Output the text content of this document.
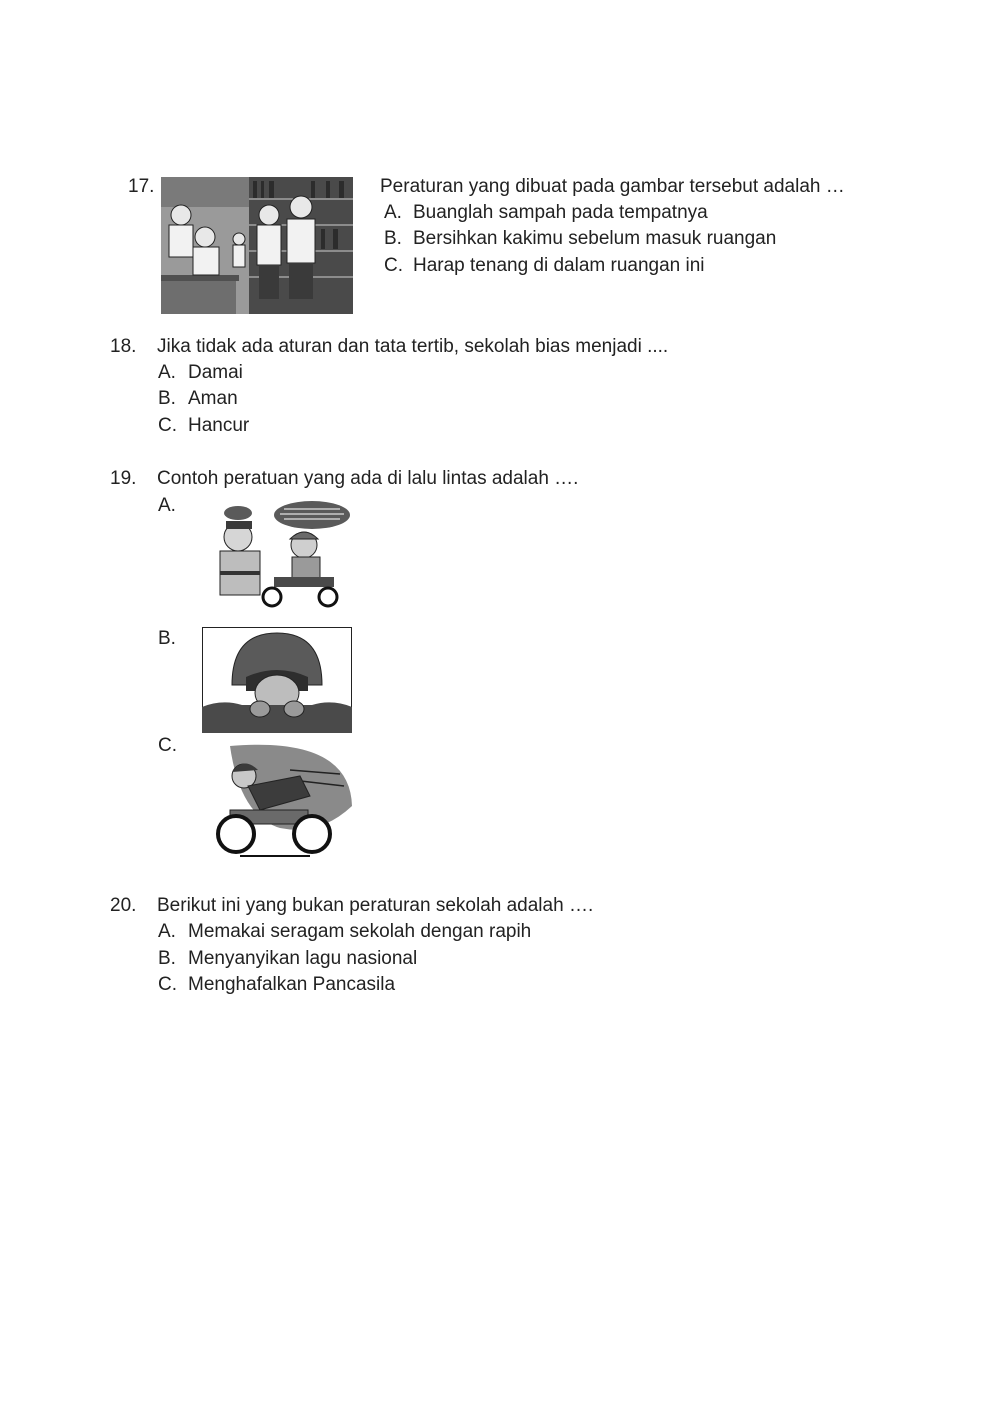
17.	Peraturan yang dibuat pada gambar tersebut adalah …
A. Buanglah sampah pada tempatnya
B. Bersihkan kakimu sebelum masuk ruangan
C. Harap tenang di dalam ruangan ini
18. Jika tidak ada aturan dan tata tertib, sekolah bias menjadi ....
A. Damai
B. Aman
C. Hancur
19. Contoh peratuan yang ada di lalu lintas adalah ….
A.
B.
C.
20. Berikut ini yang bukan peraturan sekolah adalah ….
A. Memakai seragam sekolah dengan rapih
B. Menyanyikan lagu nasional
C. Menghafalkan Pancasila
